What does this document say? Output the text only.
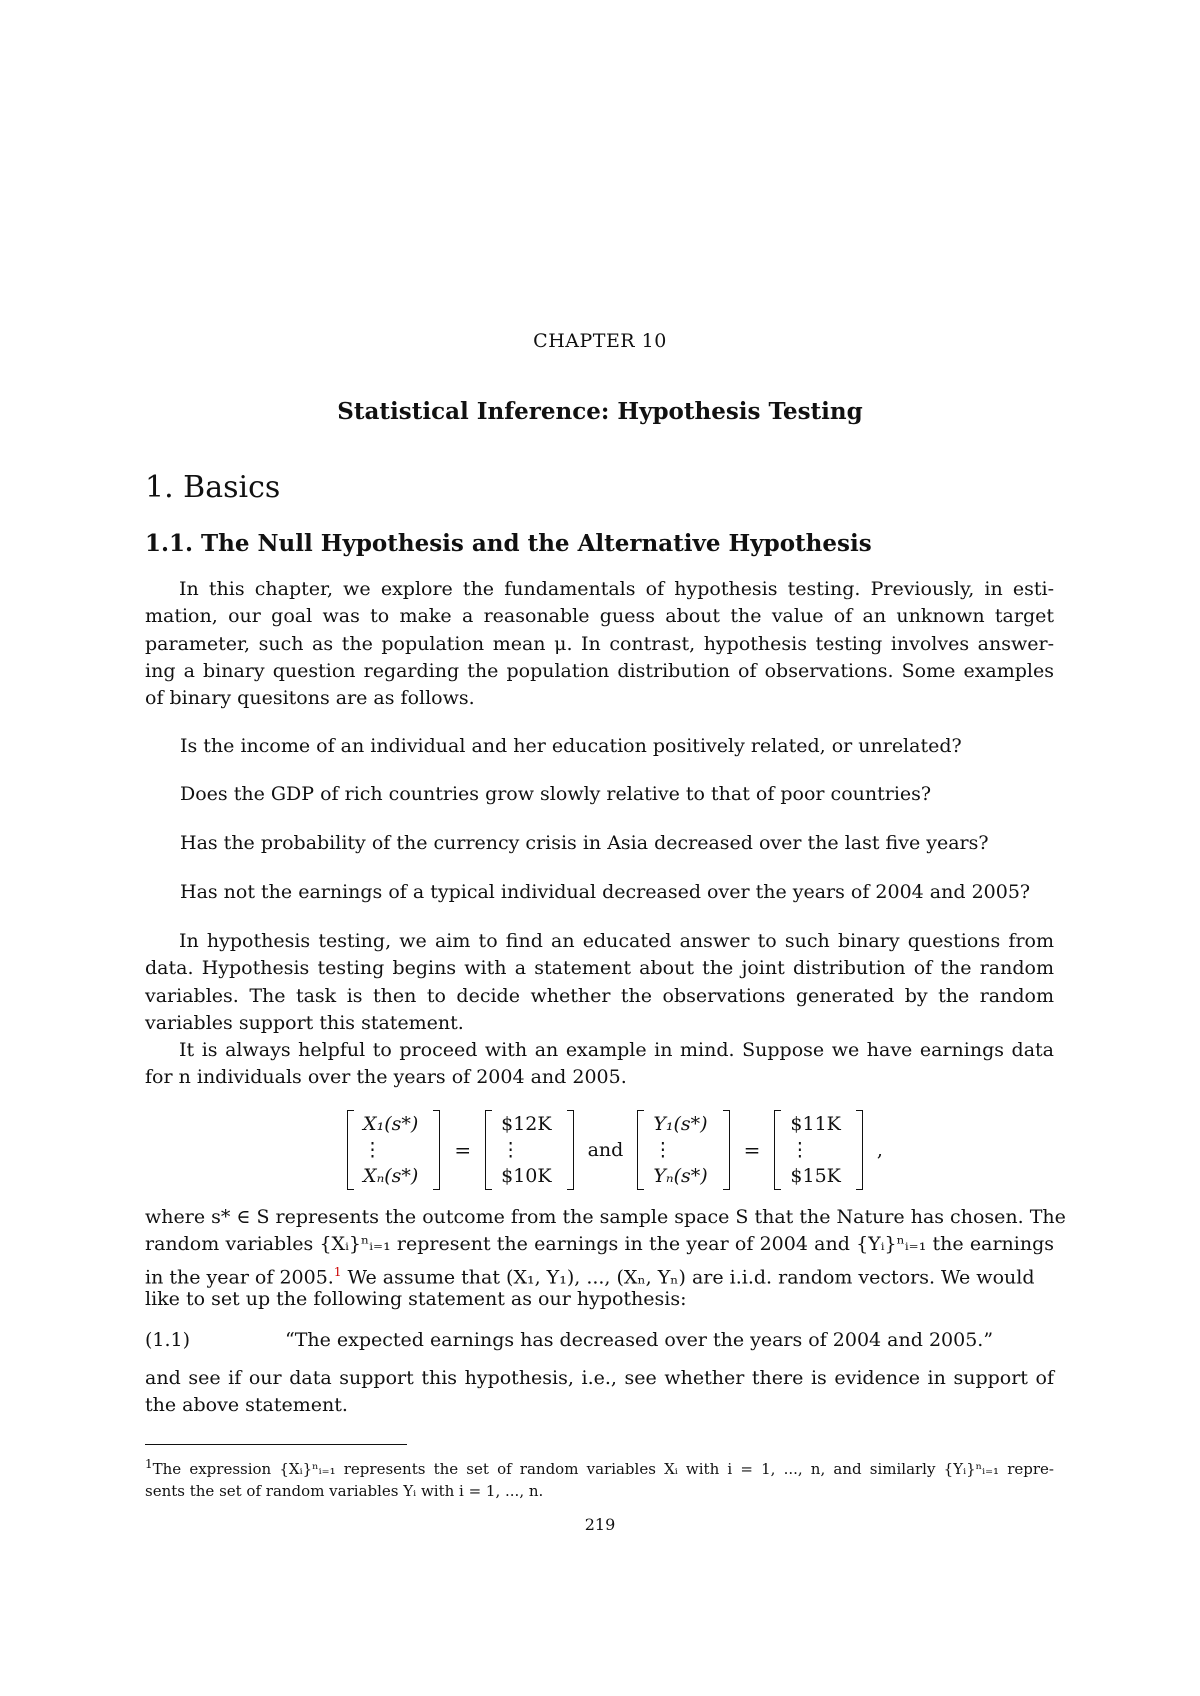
CHAPTER 10
Statistical Inference: Hypothesis Testing
1. Basics
1.1. The Null Hypothesis and the Alternative Hypothesis
In this chapter, we explore the fundamentals of hypothesis testing. Previously, in esti-
mation, our goal was to make a reasonable guess about the value of an unknown target
parameter, such as the population mean μ. In contrast, hypothesis testing involves answer-
ing a binary question regarding the population distribution of observations. Some examples
of binary quesitons are as follows.
Is the income of an individual and her education positively related, or unrelated?
Does the GDP of rich countries grow slowly relative to that of poor countries?
Has the probability of the currency crisis in Asia decreased over the last five years?
Has not the earnings of a typical individual decreased over the years of 2004 and 2005?
In hypothesis testing, we aim to find an educated answer to such binary questions from
data. Hypothesis testing begins with a statement about the joint distribution of the random
variables. The task is then to decide whether the observations generated by the random
variables support this statement.
It is always helpful to proceed with an example in mind. Suppose we have earnings data
for n individuals over the years of 2004 and 2005.
X₁(s*)
⋮
Xₙ(s*)
=
$12K
⋮
$10K
and
Y₁(s*)
⋮
Yₙ(s*)
=
$11K
⋮
$15K
,
where s* ∈ S represents the outcome from the sample space S that the Nature has chosen. The
random variables {Xᵢ}ⁿᵢ₌₁ represent the earnings in the year of 2004 and {Yᵢ}ⁿᵢ₌₁ the earnings
in the year of 2005.$^1$ We assume that (X₁, Y₁), ..., (Xₙ, Yₙ) are i.i.d. random vectors. We would
like to set up the following statement as our hypothesis:
(1.1)	“The expected earnings has decreased over the years of 2004 and 2005.”
and see if our data support this hypothesis, i.e., see whether there is evidence in support of
the above statement.
$^1$The expression {Xᵢ}ⁿᵢ₌₁ represents the set of random variables Xᵢ with i = 1, ..., n, and similarly {Yᵢ}ⁿᵢ₌₁ repre-
sents the set of random variables Yᵢ with i = 1, ..., n.
219
